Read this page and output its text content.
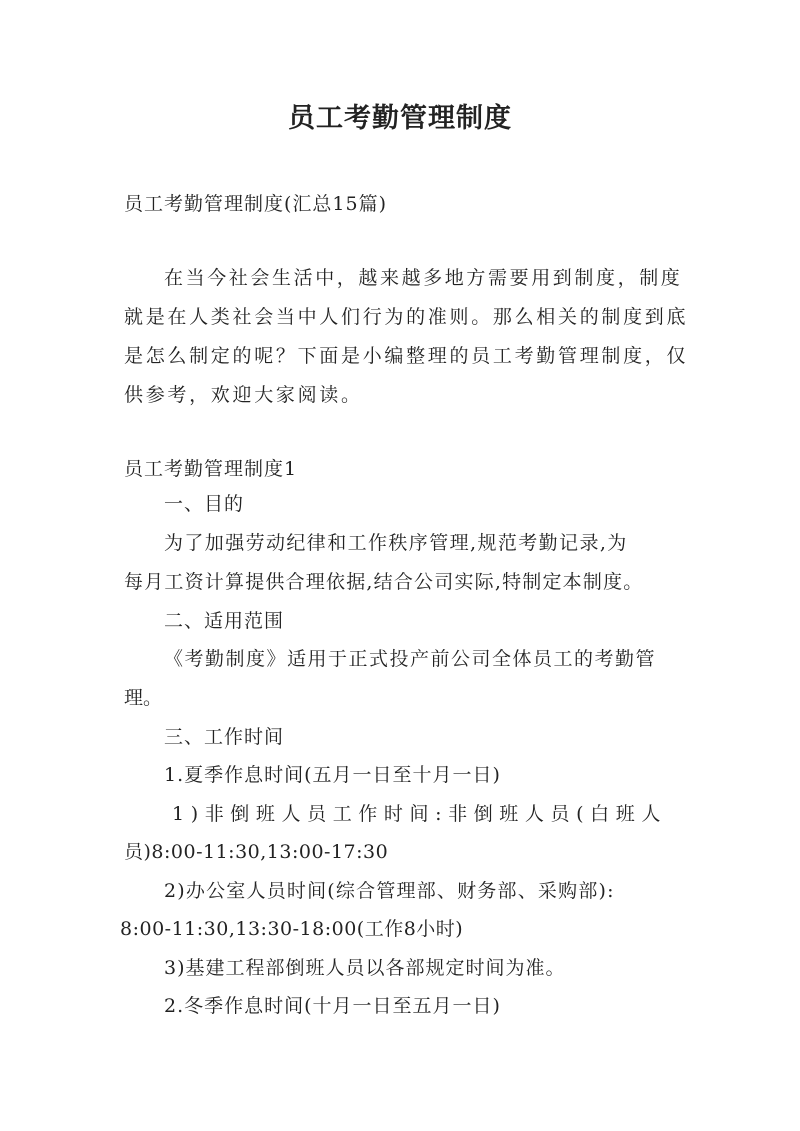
员工考勤管理制度
员工考勤管理制度(汇总15篇)
在当今社会生活中，越来越多地方需要用到制度，制度
就是在人类社会当中人们行为的准则。那么相关的制度到底
是怎么制定的呢？下面是小编整理的员工考勤管理制度，仅
供参考，欢迎大家阅读。
员工考勤管理制度1
一、目的
为了加强劳动纪律和工作秩序管理,规范考勤记录,为
每月工资计算提供合理依据,结合公司实际,特制定本制度。
二、适用范围
《考勤制度》适用于正式投产前公司全体员工的考勤管
理。
三、工作时间
1.夏季作息时间(五月一日至十月一日)
1)非倒班人员工作时间:非倒班人员(白班人
员)8:00-11:30,13:00-17:30
2)办公室人员时间(综合管理部、财务部、采购部):
8:00-11:30,13:30-18:00(工作8小时)
3)基建工程部倒班人员以各部规定时间为准。
2.冬季作息时间(十月一日至五月一日)
